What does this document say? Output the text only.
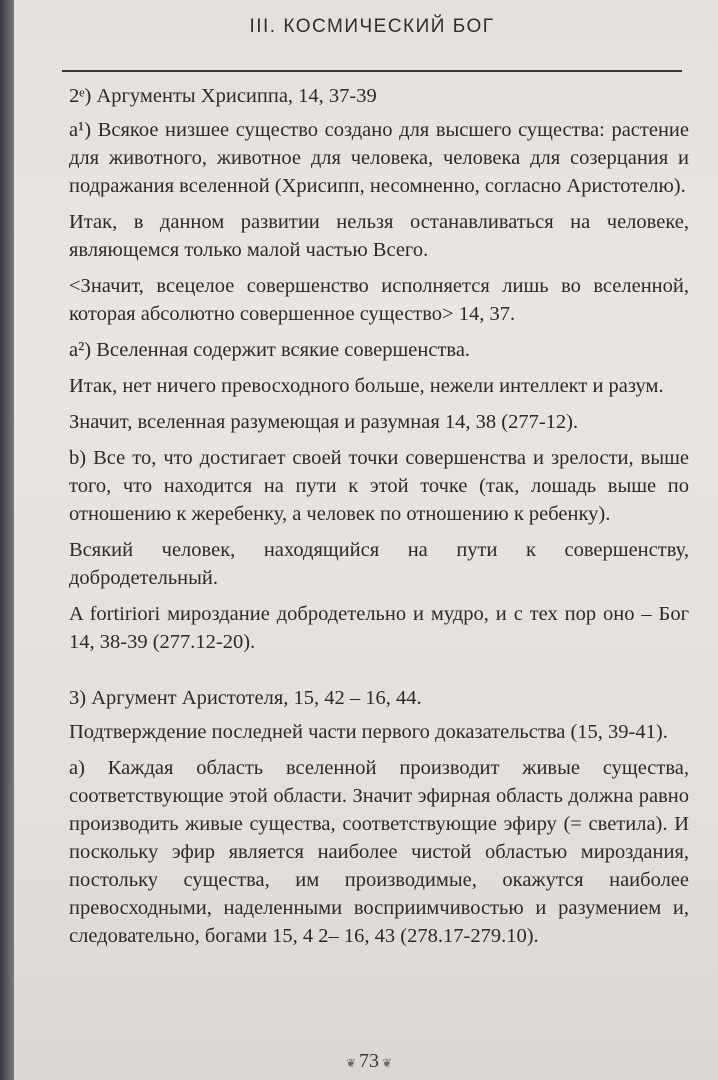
III. КОСМИЧЕСКИЙ БОГ

2ᵉ) Аргументы Хрисиппа, 14, 37-39

a¹) Всякое низшее существо создано для высшего существа: растение для животного, животное для человека, человека для созерцания и подражания вселенной (Хрисипп, несомненно, согласно Аристотелю).

Итак, в данном развитии нельзя останавливаться на человеке, являющемся только малой частью Всего.

<Значит, всецелое совершенство исполняется лишь во вселенной, которая абсолютно совершенное существо> 14, 37.

a²) Вселенная содержит всякие совершенства.

Итак, нет ничего превосходного больше, нежели интеллект и разум.

Значит, вселенная разумеющая и разумная 14, 38 (277-12).

b) Все то, что достигает своей точки совершенства и зрелости, выше того, что находится на пути к этой точке (так, лошадь выше по отношению к жеребенку, а человек по отношению к ребенку).

Всякий человек, находящийся на пути к совершенству, добродетельный.

A fortiriori мироздание добродетельно и мудро, и с тех пор оно – Бог 14, 38-39 (277.12-20).

3) Аргумент Аристотеля, 15, 42 – 16, 44.

Подтверждение последней части первого доказательства (15, 39-41).

a) Каждая область вселенной производит живые существа, соответствующие этой области. Значит эфирная область должна равно производить живые существа, соответствующие эфиру (= светила). И поскольку эфир является наиболее чистой областью мироздания, постольку существа, им производимые, окажутся наиболее превосходными, наделенными восприимчивостью и разумением и, следовательно, богами 15, 4 2– 16, 43 (278.17-279.10).

❦ 73 ❦
